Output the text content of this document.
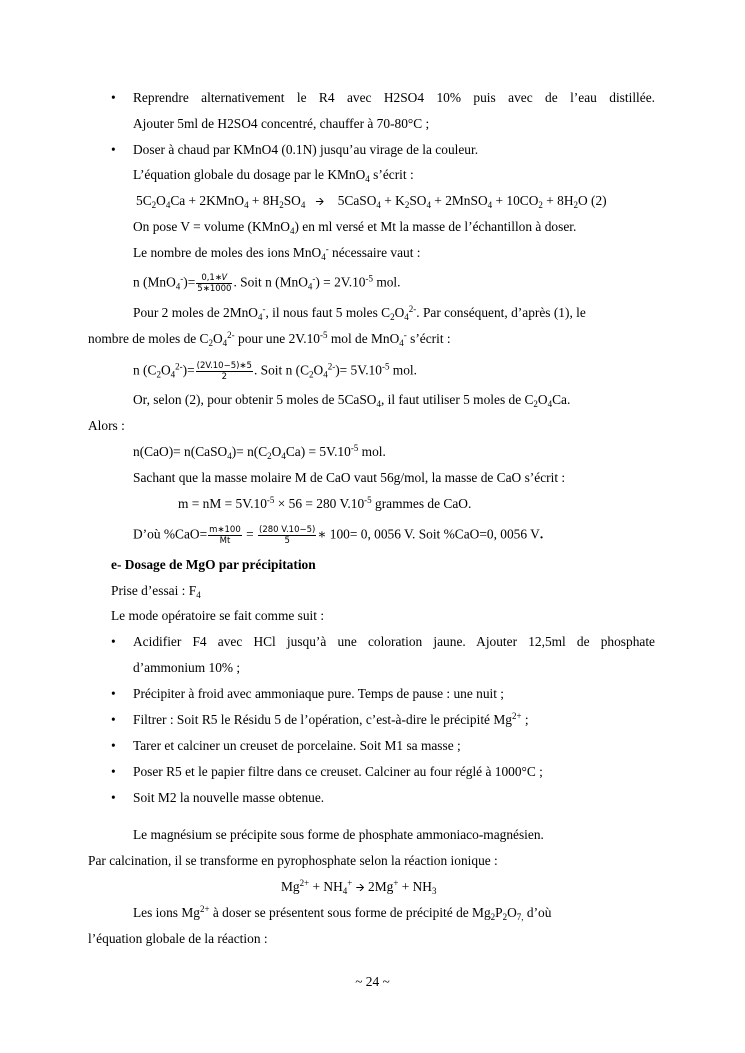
•	Reprendre alternativement le R4 avec H2SO4 10% puis avec de l’eau distillée.
Ajouter 5ml de H2SO4 concentré, chauffer à 70-80°C ;
•	Doser à chaud par KMnO4 (0.1N) jusqu’au virage de la couleur.
L’équation globale du dosage par le KMnO$_4$ s’écrit :
$5C_2O_4Ca$ + 2KMnO$_4$ + $8H_2SO_4$ 🡪 5CaSO$_4$ + $K_2SO_4$ + 2MnSO$_4$ + $10CO_2 + 8H_2O$ (2)
On pose V = volume (KMnO$_4$) en ml versé et Mt la masse de l’échantillon à doser.
Le nombre de moles des ions MnO$_4$- nécessaire vaut :
n (MnO$_4$-)= 0,1∗𝑉
5∗1000 . Soit n $(MnO_4^-) = 2V.10^{-5}$ mol.
Pour 2 moles de 2MnO$_4$-, il nous faut 5 moles $C_2O_4^{2-}$. Par conséquent, d’après (1), le
nombre de moles de $C_2O_4^{2-}$ pour une $2V.10^{-5}$ mol de MnO$_4$- s’écrit :
n $(C_2O_4^{2-})= \frac{(2V.10-5)∗5}{2}$ . Soit n $(C_2O_4^{2-})= 5V.10^{-5}$ mol.
Or, selon (2), pour obtenir 5 moles de 5CaSO$_4$, il faut utiliser 5 moles de $C_2O_4Ca$.
Alors :
n(CaO)= n(CaSO$_4$)= $n(C_2O_4Ca) = 5V.10^{-5}$ mol.
Sachant que la masse molaire M de CaO vaut 56g/mol, la masse de CaO s’écrit :
m = nM = $5V.10^{-5} \times 56 = 280$ $V.10^{-5}$ grammes de CaO.
D’où $\%CaO= \frac{m∗100}{Mt} = \frac{(280 V.10-5)}{5}$ ∗ 100= 0, 0056 V. Soit %CaO=0, 0056 V.
e- Dosage de MgO par précipitation
Prise d’essai : $F_4$
Le mode opératoire se fait comme suit :
•	Acidifier F4 avec HCl jusqu’à une coloration jaune. Ajouter 12,5ml de phosphate
d’ammonium 10% ;
•	Précipiter à froid avec ammoniaque pure. Temps de pause : une nuit ;
•	Filtrer : Soit R5 le Résidu 5 de l’opération, c’est-à-dire le précipité $Mg^{2+}$ ;
•	Tarer et calciner un creuset de porcelaine. Soit M1 sa masse ;
•	Poser R5 et le papier filtre dans ce creuset. Calciner au four réglé à 1000°C ;
•	Soit M2 la nouvelle masse obtenue.
Le magnésium se précipite sous forme de phosphate ammoniaco-magnésien.
Par calcination, il se transforme en pyrophosphate selon la réaction ionique :
$Mg^{2+} + NH_4^+$ 🡪 $2Mg^+ + NH_3$
Les ions $Mg^{2+}$ à doser se présentent sous forme de précipité de $Mg_2P_2O_{7,}$ d’où
l’équation globale de la réaction :
~ 24 ~
